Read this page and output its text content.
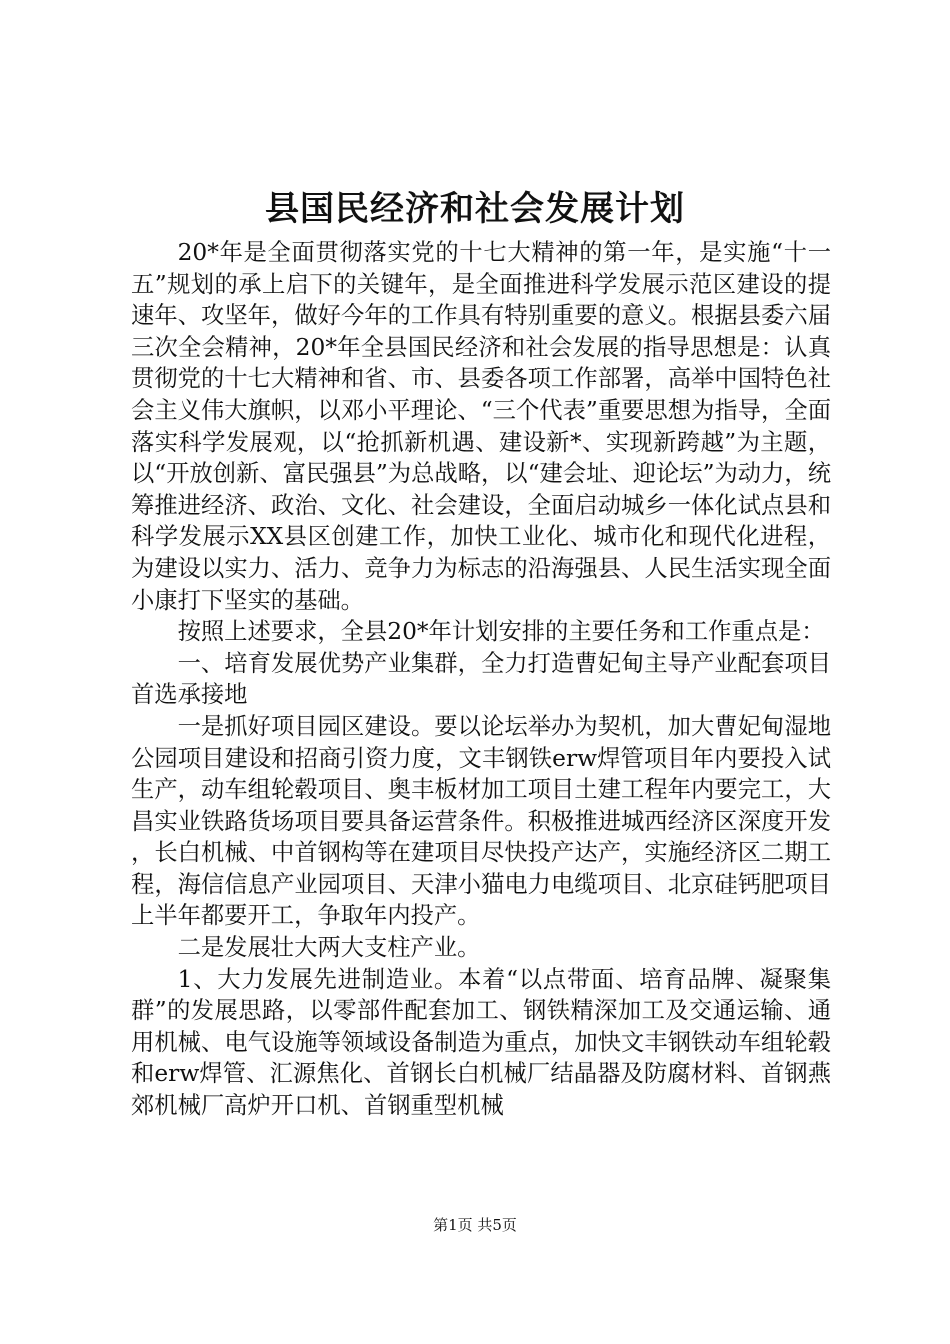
县国民经济和社会发展计划

20*年是全面贯彻落实党的十七大精神的第一年，是实施“十一五”规划的承上启下的关键年，是全面推进科学发展示范区建设的提速年、攻坚年，做好今年的工作具有特别重要的意义。根据县委六届三次全会精神，20*年全县国民经济和社会发展的指导思想是：认真贯彻党的十七大精神和省、市、县委各项工作部署，高举中国特色社会主义伟大旗帜，以邓小平理论、“三个代表”重要思想为指导，全面落实科学发展观，以“抢抓新机遇、建设新*、实现新跨越”为主题，以“开放创新、富民强县”为总战略，以“建会址、迎论坛”为动力，统筹推进经济、政治、文化、社会建设，全面启动城乡一体化试点县和科学发展示XX县区创建工作，加快工业化、城市化和现代化进程，为建设以实力、活力、竞争力为标志的沿海强县、人民生活实现全面小康打下坚实的基础。

按照上述要求，全县20*年计划安排的主要任务和工作重点是：

一、培育发展优势产业集群，全力打造曹妃甸主导产业配套项目首选承接地

一是抓好项目园区建设。要以论坛举办为契机，加大曹妃甸湿地公园项目建设和招商引资力度，文丰钢铁erw焊管项目年内要投入试生产，动车组轮毂项目、奥丰板材加工项目土建工程年内要完工，大昌实业铁路货场项目要具备运营条件。积极推进城西经济区深度开发，长白机械、中首钢构等在建项目尽快投产达产，实施经济区二期工程，海信信息产业园项目、天津小猫电力电缆项目、北京硅钙肥项目上半年都要开工，争取年内投产。

二是发展壮大两大支柱产业。

1、大力发展先进制造业。本着“以点带面、培育品牌、凝聚集群”的发展思路，以零部件配套加工、钢铁精深加工及交通运输、通用机械、电气设施等领域设备制造为重点，加快文丰钢铁动车组轮毂和erw焊管、汇源焦化、首钢长白机械厂结晶器及防腐材料、首钢燕郊机械厂高炉开口机、首钢重型机械

第1页 共5页
